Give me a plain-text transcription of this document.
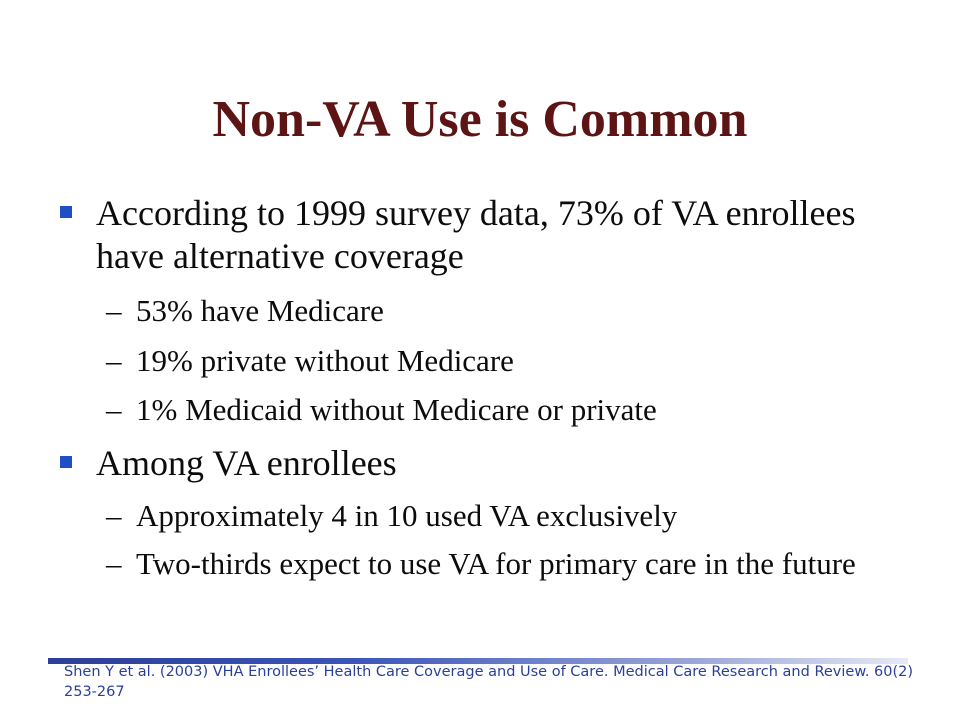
Non-VA Use is Common
According to 1999 survey data, 73% of VA enrollees have alternative coverage
– 53% have Medicare
– 19% private without Medicare
– 1% Medicaid without Medicare or private
Among VA enrollees
– Approximately 4 in 10 used VA exclusively
– Two-thirds expect to use VA for primary care in the future
Shen Y et al. (2003) VHA Enrollees’ Health Care Coverage and Use of Care. Medical Care Research and Review. 60(2) 253-267
